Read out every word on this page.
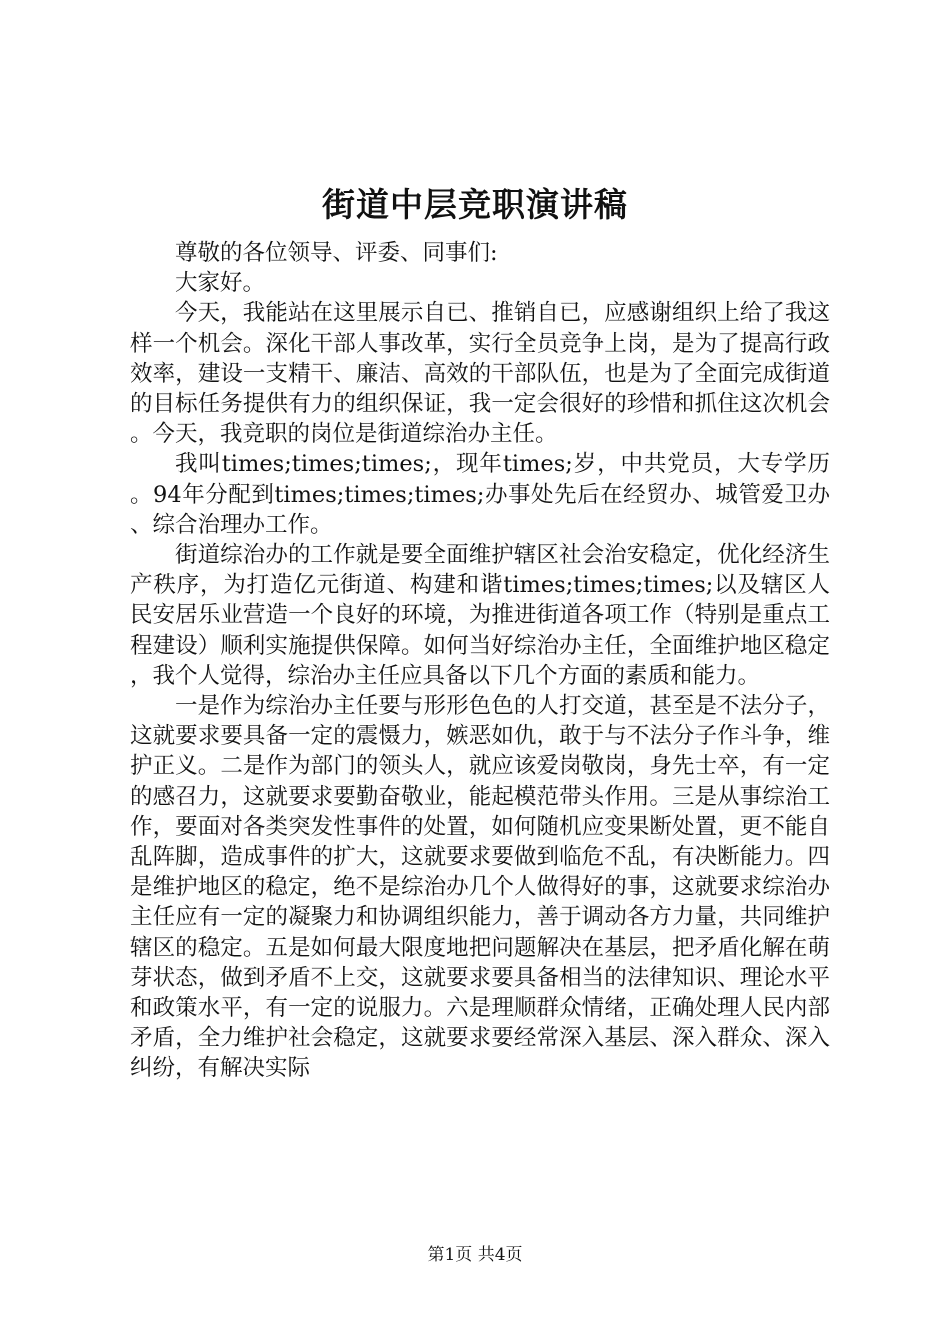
街道中层竞职演讲稿

尊敬的各位领导、评委、同事们:

大家好。

今天，我能站在这里展示自已、推销自已，应感谢组织上给了我这样一个机会。深化干部人事改革，实行全员竞争上岗，是为了提高行政效率，建设一支精干、廉洁、高效的干部队伍，也是为了全面完成街道的目标任务提供有力的组织保证，我一定会很好的珍惜和抓住这次机会。今天，我竞职的岗位是街道综治办主任。

我叫times;times;times;，现年times;岁，中共党员，大专学历。94年分配到times;times;times;办事处先后在经贸办、城管爱卫办、综合治理办工作。

街道综治办的工作就是要全面维护辖区社会治安稳定，优化经济生产秩序，为打造亿元街道、构建和谐times;times;times;以及辖区人民安居乐业营造一个良好的环境，为推进街道各项工作（特别是重点工程建设）顺利实施提供保障。如何当好综治办主任，全面维护地区稳定，我个人觉得，综治办主任应具备以下几个方面的素质和能力。

一是作为综治办主任要与形形色色的人打交道，甚至是不法分子，这就要求要具备一定的震慑力，嫉恶如仇，敢于与不法分子作斗争，维护正义。二是作为部门的领头人，就应该爱岗敬岗，身先士卒，有一定的感召力，这就要求要勤奋敬业，能起模范带头作用。三是从事综治工作，要面对各类突发性事件的处置，如何随机应变果断处置，更不能自乱阵脚，造成事件的扩大，这就要求要做到临危不乱，有决断能力。四是维护地区的稳定，绝不是综治办几个人做得好的事，这就要求综治办主任应有一定的凝聚力和协调组织能力，善于调动各方力量，共同维护辖区的稳定。五是如何最大限度地把问题解决在基层，把矛盾化解在萌芽状态，做到矛盾不上交，这就要求要具备相当的法律知识、理论水平和政策水平，有一定的说服力。六是理顺群众情绪，正确处理人民内部矛盾，全力维护社会稳定，这就要求要经常深入基层、深入群众、深入纠纷，有解决实际

第1页 共4页
